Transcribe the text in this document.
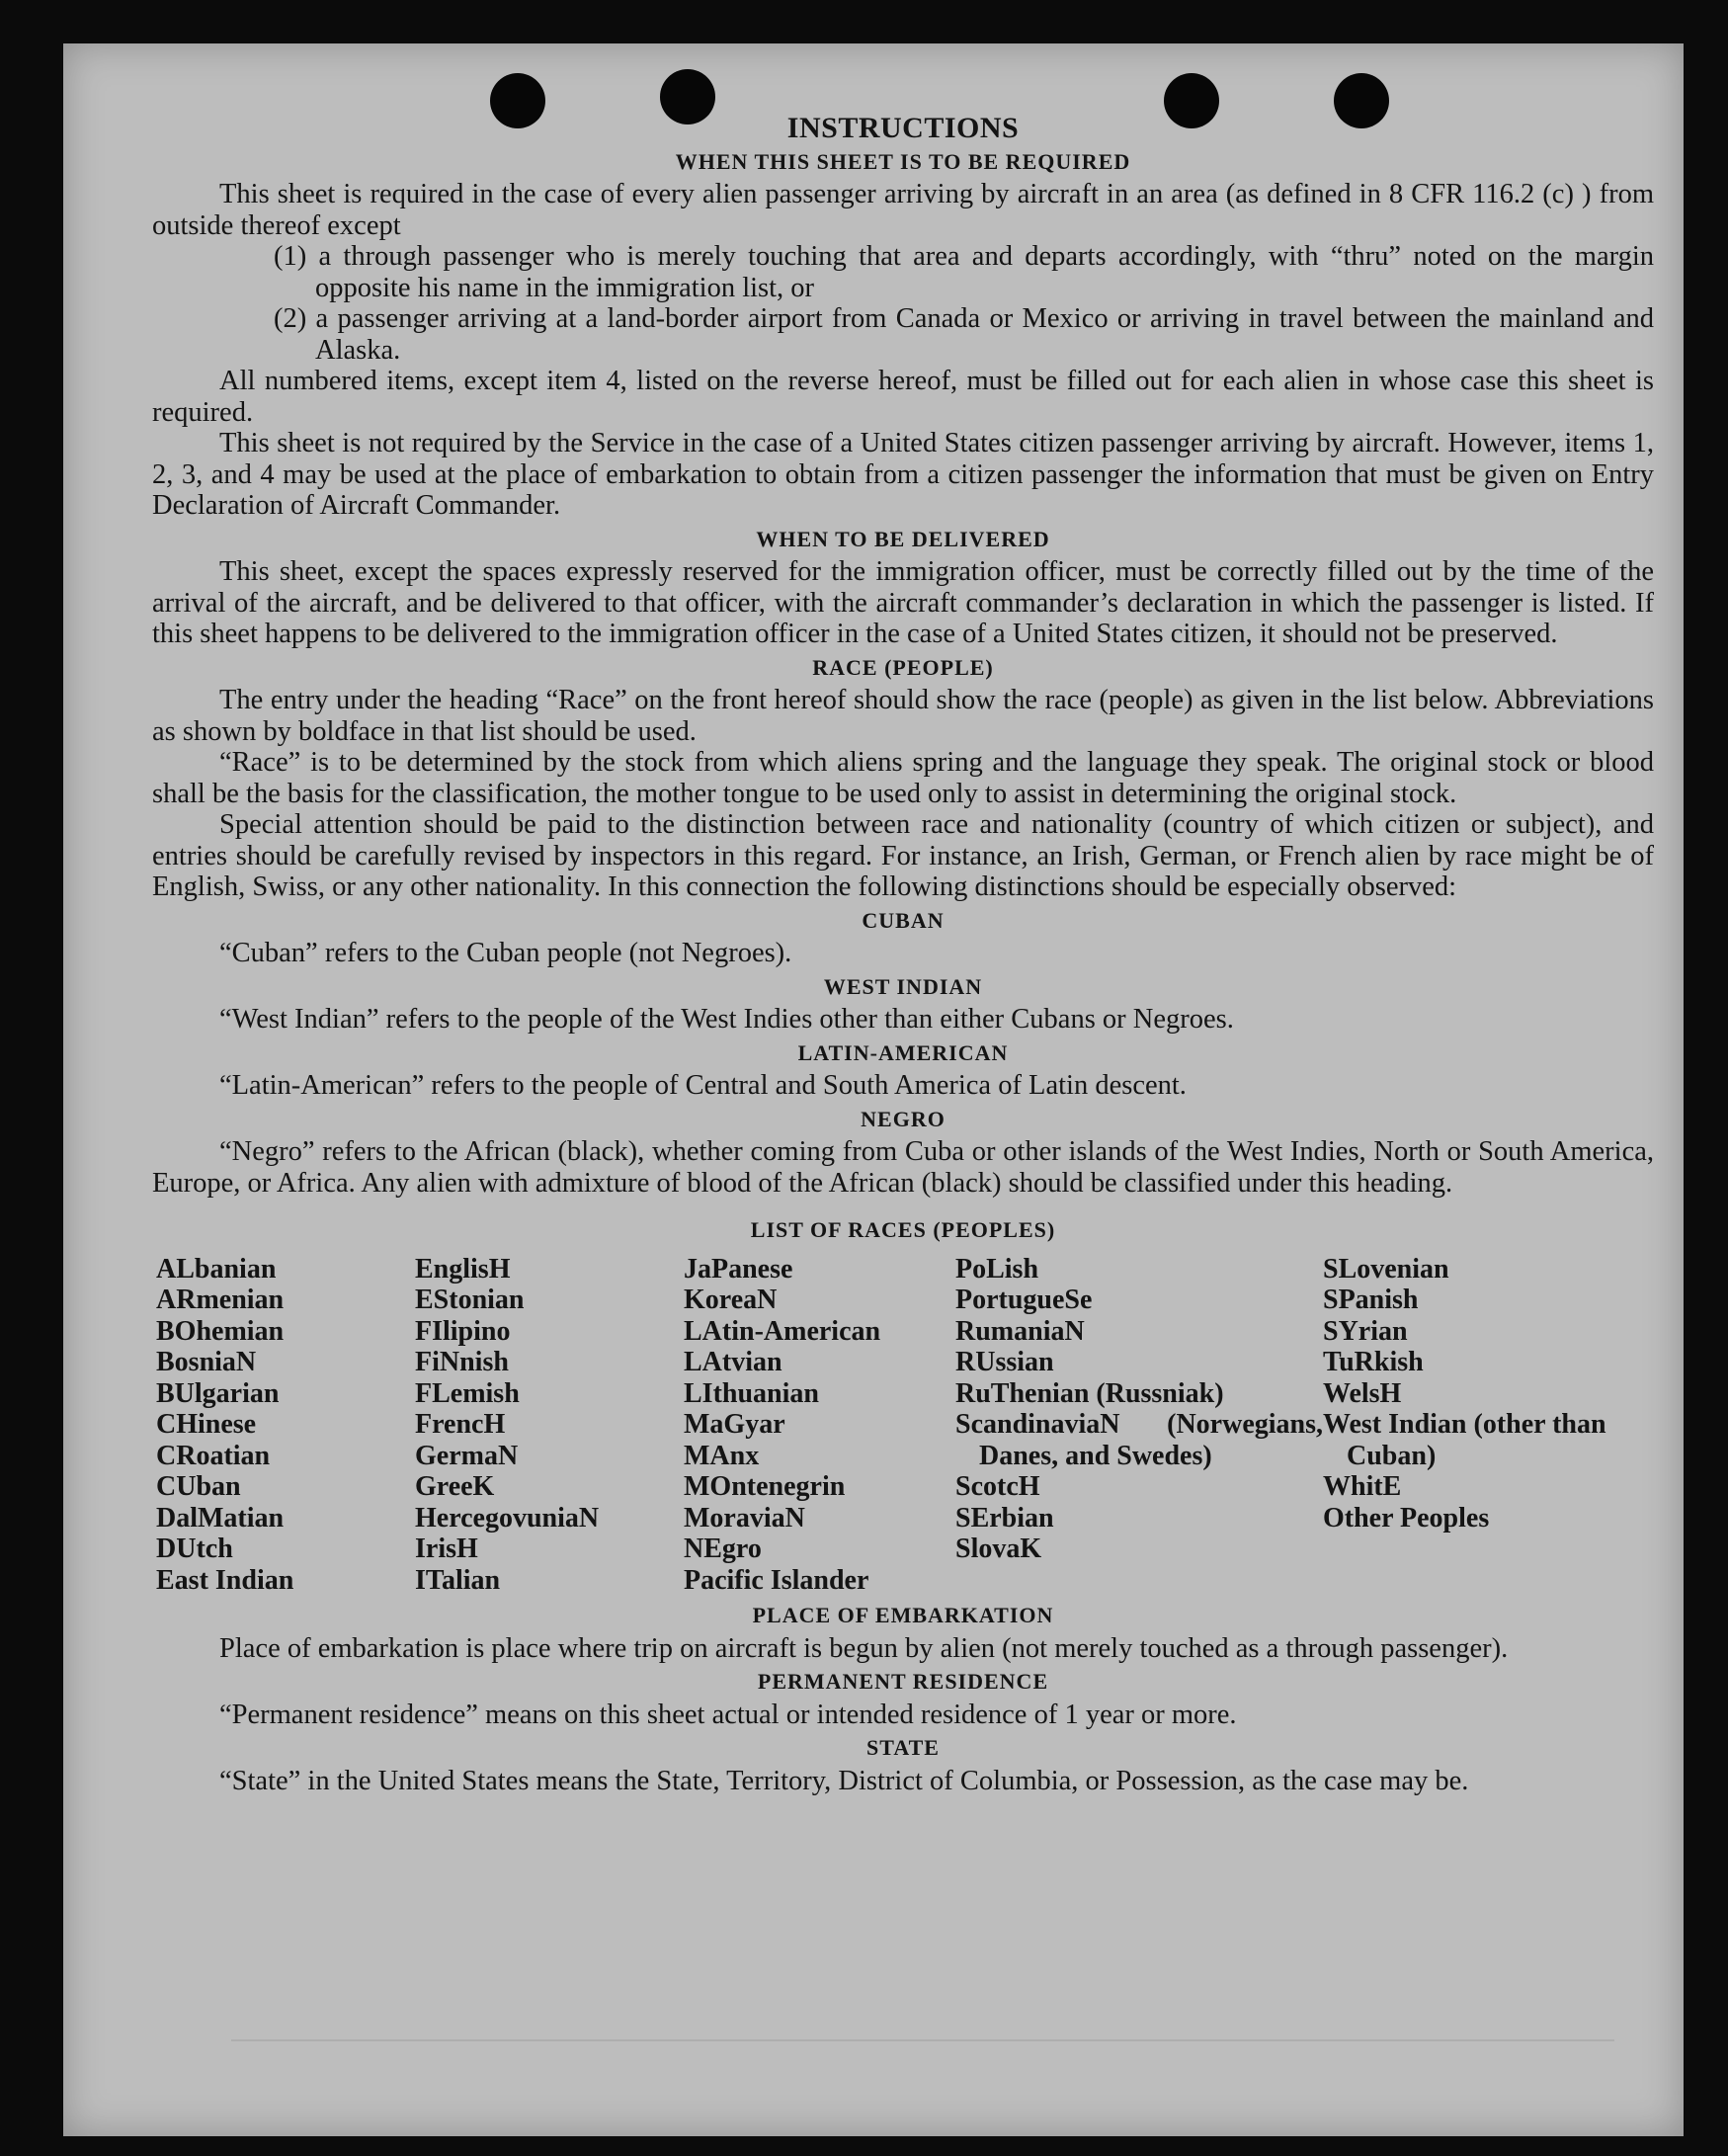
INSTRUCTIONS
WHEN THIS SHEET IS TO BE REQUIRED

This sheet is required in the case of every alien passenger arriving by aircraft in an area (as defined in 8 CFR 116.2 (c) ) from outside thereof except

(1) a through passenger who is merely touching that area and departs accordingly, with “thru” noted on the margin opposite his name in the immigration list, or

(2) a passenger arriving at a land-border airport from Canada or Mexico or arriving in travel between the mainland and Alaska.

All numbered items, except item 4, listed on the reverse hereof, must be filled out for each alien in whose case this sheet is required.

This sheet is not required by the Service in the case of a United States citizen passenger arriving by aircraft. However, items 1, 2, 3, and 4 may be used at the place of embarkation to obtain from a citizen passenger the information that must be given on Entry Declaration of Aircraft Commander.

WHEN TO BE DELIVERED

This sheet, except the spaces expressly reserved for the immigration officer, must be correctly filled out by the time of the arrival of the aircraft, and be delivered to that officer, with the aircraft commander’s declaration in which the passenger is listed. If this sheet happens to be delivered to the immigration officer in the case of a United States citizen, it should not be preserved.

RACE (PEOPLE)

The entry under the heading “Race” on the front hereof should show the race (people) as given in the list below. Abbreviations as shown by boldface in that list should be used.

“Race” is to be determined by the stock from which aliens spring and the language they speak. The original stock or blood shall be the basis for the classification, the mother tongue to be used only to assist in determining the original stock.

Special attention should be paid to the distinction between race and nationality (country of which citizen or subject), and entries should be carefully revised by inspectors in this regard. For instance, an Irish, German, or French alien by race might be of English, Swiss, or any other nationality. In this connection the following distinctions should be especially observed:

CUBAN

“Cuban” refers to the Cuban people (not Negroes).

WEST INDIAN

“West Indian” refers to the people of the West Indies other than either Cubans or Negroes.

LATIN-AMERICAN

“Latin-American” refers to the people of Central and South America of Latin descent.

NEGRO

“Negro” refers to the African (black), whether coming from Cuba or other islands of the West Indies, North or South America, Europe, or Africa. Any alien with admixture of blood of the African (black) should be classified under this heading.

LIST OF RACES (PEOPLES)
ALbanian
ARmenian
BOhemian
BosniaN
BUlgarian
CHinese
CRoatian
CUban
DalMatian
DUtch
East Indian
EnglisH
EStonian
FIlipino
FiNnish
FLemish
FrencH
GermaN
GreeK
HercegovuniaN
IrisH
ITalian
JaPanese
KoreaN
LAtin-American
LAtvian
LIthuanian
MaGyar
MAnx
MOntenegrin
MoraviaN
NEgro
Pacific Islander
PoLish
PortugueSe
RumaniaN
RUssian
RuThenian (Russniak)
ScandinaviaN (Norwegians, Danes, and Swedes)
ScotcH
SErbian
SlovaK
SLovenian
SPanish
SYrian
TuRkish
WelsH
West Indian (other than Cuban)
WhitE
Other Peoples
PLACE OF EMBARKATION

Place of embarkation is place where trip on aircraft is begun by alien (not merely touched as a through passenger).

PERMANENT RESIDENCE

“Permanent residence” means on this sheet actual or intended residence of 1 year or more.

STATE

“State” in the United States means the State, Territory, District of Columbia, or Possession, as the case may be.
